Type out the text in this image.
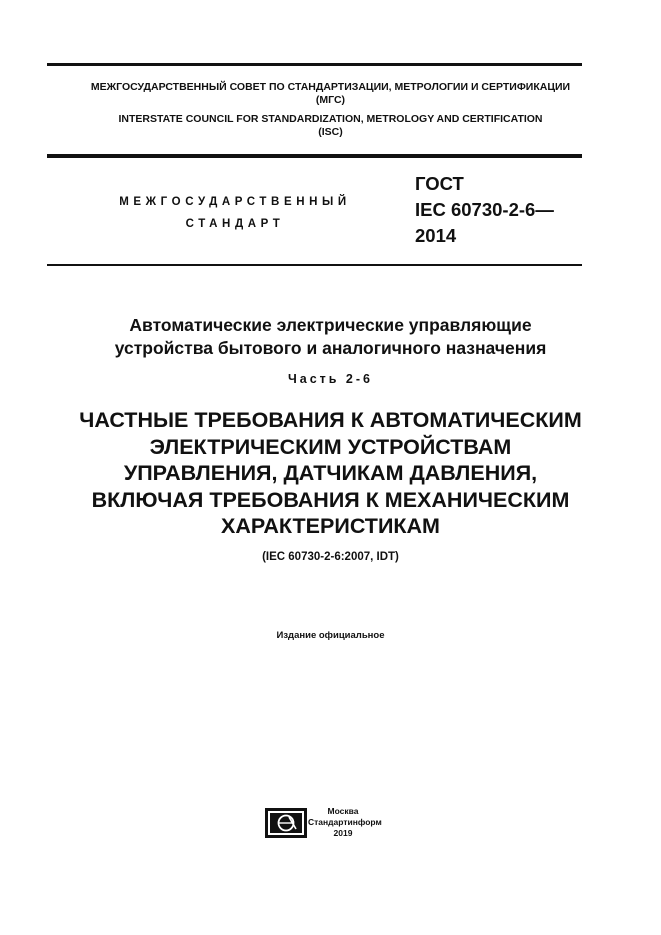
МЕЖГОСУДАРСТВЕННЫЙ СОВЕТ ПО СТАНДАРТИЗАЦИИ, МЕТРОЛОГИИ И СЕРТИФИКАЦИИ
(МГС)
INTERSTATE COUNCIL FOR STANDARDIZATION, METROLOGY AND CERTIFICATION
(ISC)
МЕЖГОСУДАРСТВЕННЫЙ
СТАНДАРТ
ГОСТ
IEC 60730-2-6—
2014
Автоматические электрические управляющие
устройства бытового и аналогичного назначения
Часть 2-6
ЧАСТНЫЕ ТРЕБОВАНИЯ К АВТОМАТИЧЕСКИМ
ЭЛЕКТРИЧЕСКИМ УСТРОЙСТВАМ
УПРАВЛЕНИЯ, ДАТЧИКАМ ДАВЛЕНИЯ,
ВКЛЮЧАЯ ТРЕБОВАНИЯ К МЕХАНИЧЕСКИМ
ХАРАКТЕРИСТИКАМ
(IEC 60730-2-6:2007, IDT)
Издание официальное
Москва
Стандартинформ
2019
